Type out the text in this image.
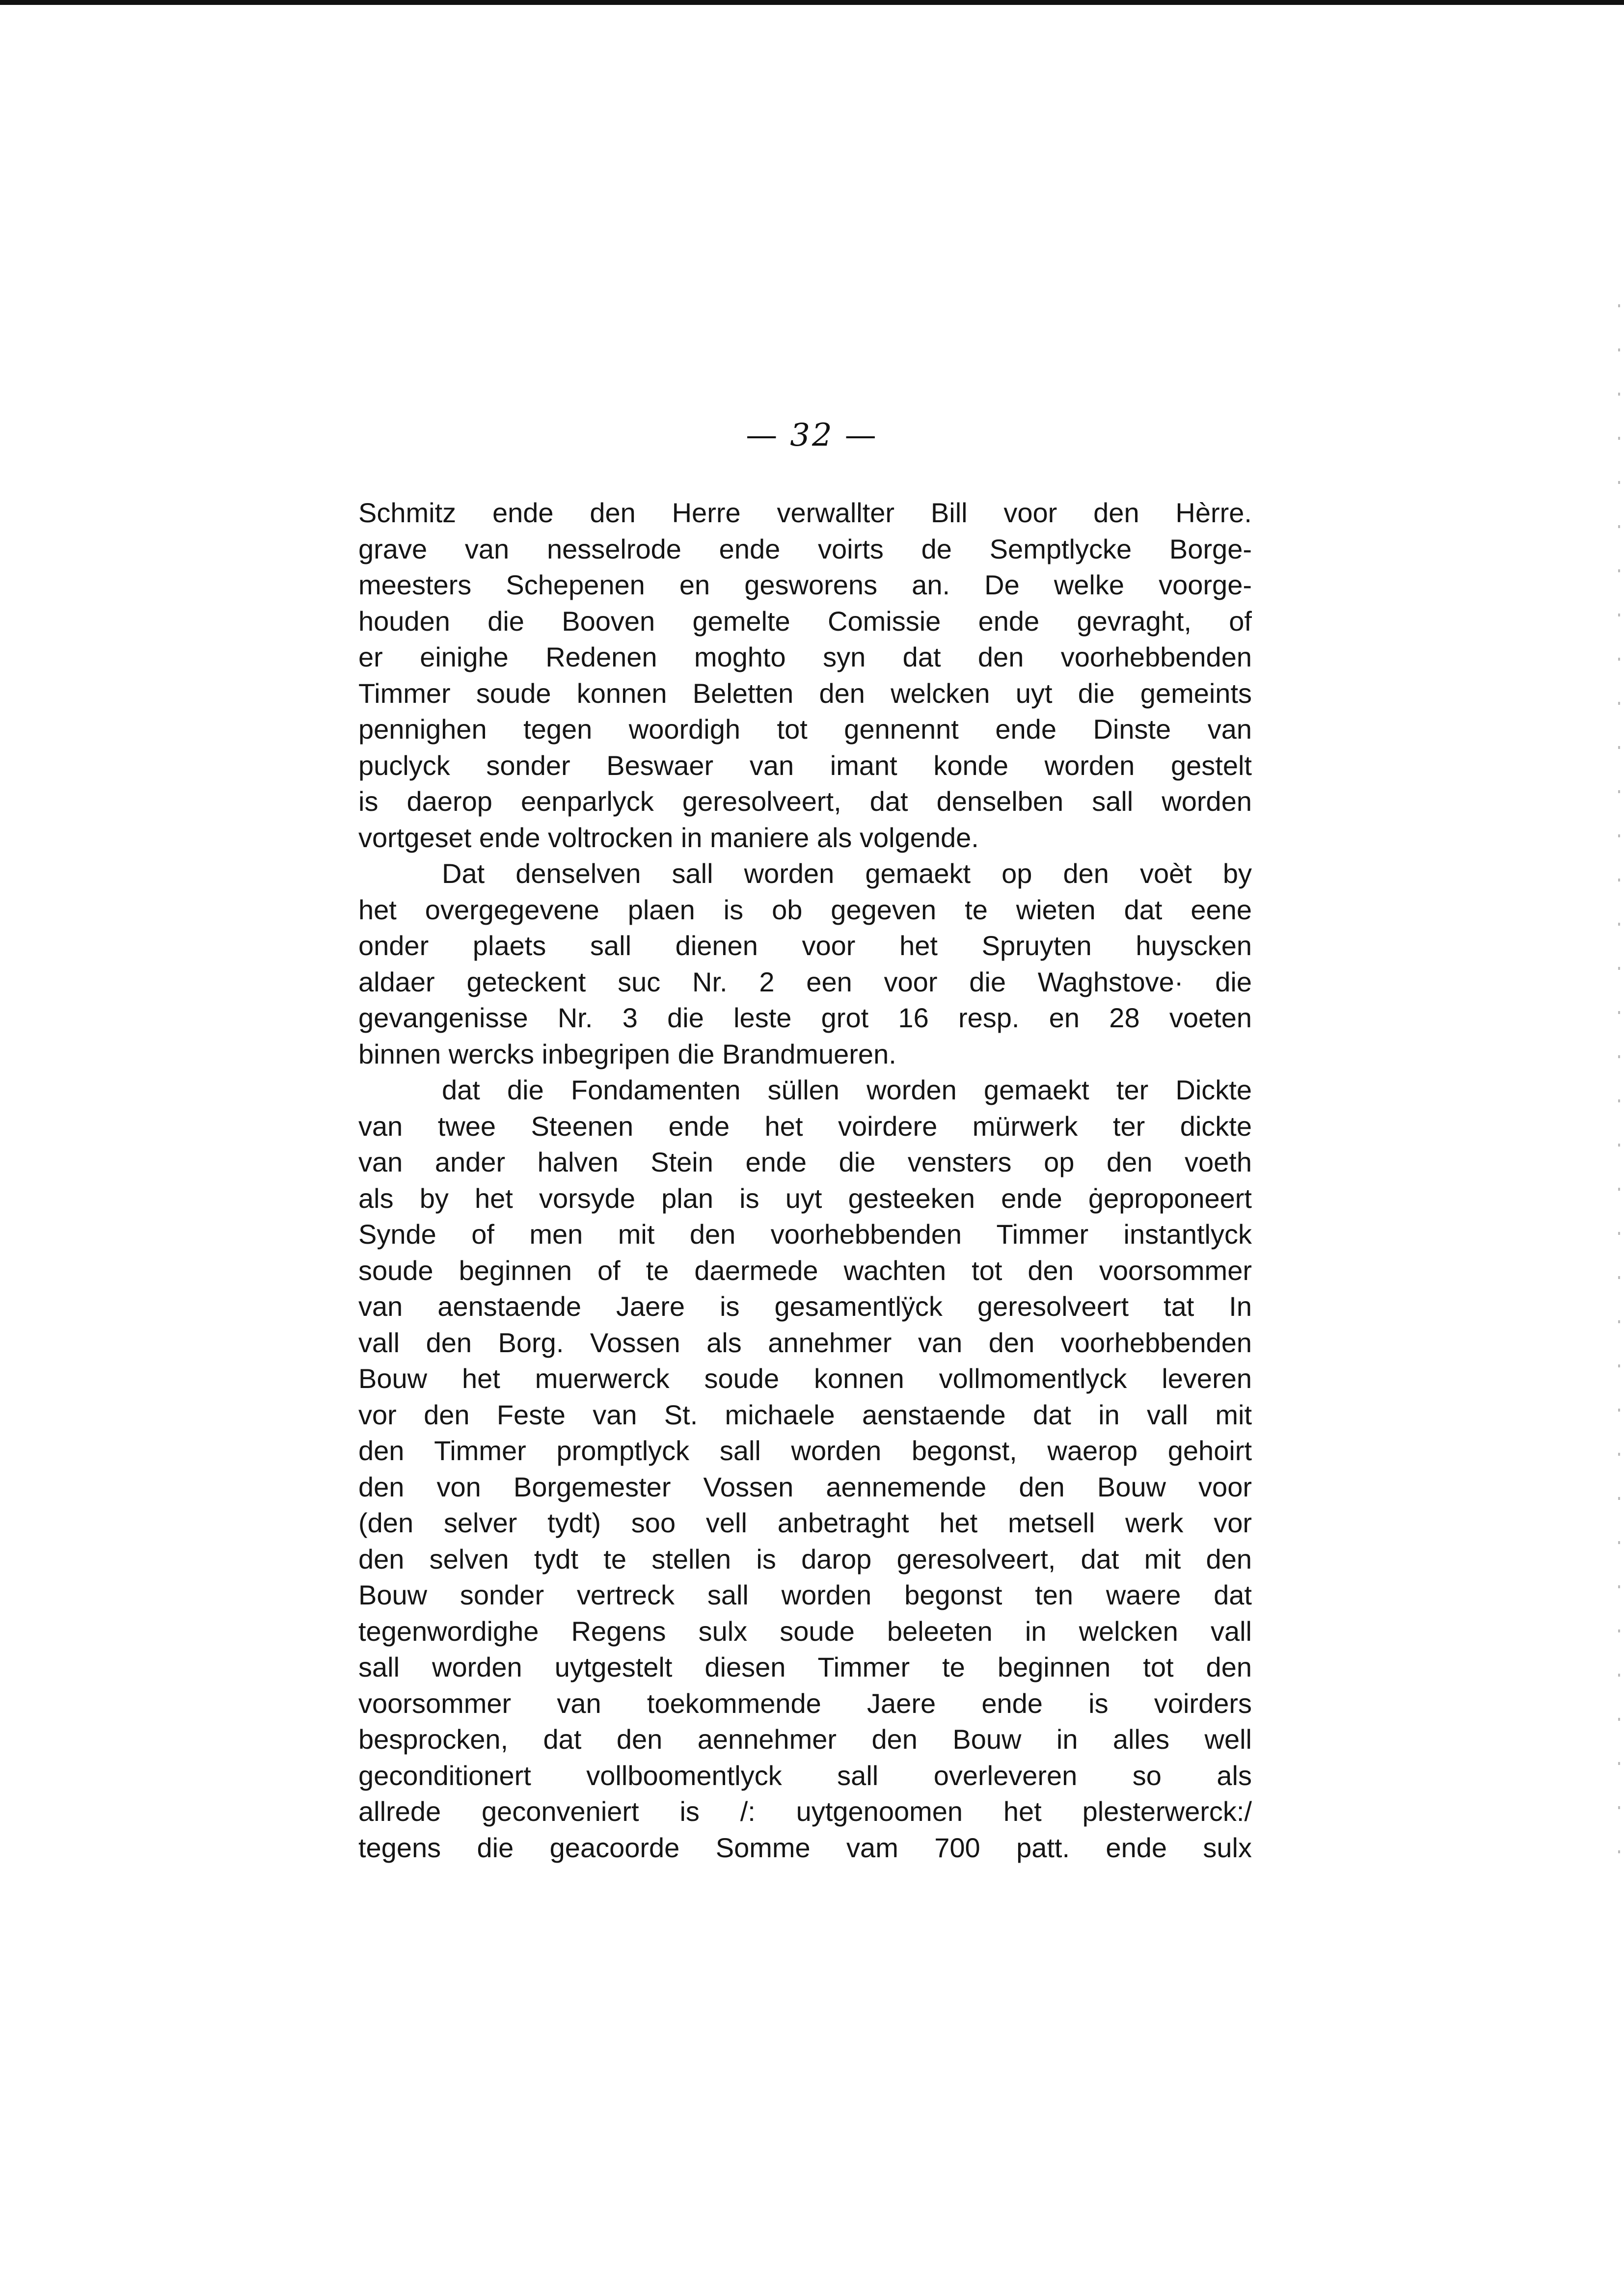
— 32 —
Schmitz ende den Herre verwallter Bill voor den Hèrre.
grave van nesselrode ende voirts de Semptlycke Borge-
meesters Schepenen en gesworens an. De welke voorge-
houden die Booven gemelte Comissie ende gevraght, of
er einighe Redenen moghto syn dat den voorhebbenden
Timmer soude konnen Beletten den welcken uyt die gemeints
pennighen tegen woordigh tot gennennt ende Dinste van
puclyck sonder Beswaer van imant konde worden gestelt
is daerop eenparlyck geresolveert, dat denselben sall worden
vortgeset ende voltrocken in maniere als volgende.
Dat denselven sall worden gemaekt op den voèt by
het overgegevene plaen is ob gegeven te wieten dat eene
onder plaets sall dienen voor het Spruyten huyscken
aldaer geteckent suc Nr. 2 een voor die Waghstove· die
gevangenisse Nr. 3 die leste grot 16 resp. en 28 voeten
binnen wercks inbegripen die Brandmueren.
dat die Fondamenten süllen worden gemaekt ter Dickte
van twee Steenen ende het voirdere mürwerk ter dickte
van ander halven Stein ende die vensters op den voeth
als by het vorsyde plan is uyt gesteeken ende ġeproponeert
Synde of men mit den voorhebbenden Timmer instantlyck
soude beginnen of te daermede wachten tot den voorsommer
van aenstaende Jaere is gesamentlÿck geresolveert tat In
vall den Borg. Vossen als annehmer van den voorhebbenden
Bouw het muerwerck soude konnen vollmomentlyck leveren
vor den Feste van St. michaele aenstaende dat in vall mit
den Timmer promptlyck sall worden begonst, waerop gehoirt
den von Borgemester Vossen aennemende den Bouw voor
(den selver tydt) soo vell anbetraght het metsell werk vor
den selven tydt te stellen is darop geresolveert, dat mit den
Bouw sonder vertreck sall worden begonst ten waere dat
tegenwordighe Regens sulx soude beleeten in welcken vall
sall worden uytgestelt diesen Timmer te beginnen tot den
voorsommer van toekommende Jaere ende is voirders
besprocken, dat den aennehmer den Bouw in alles well
geconditionert vollboomentlyck sall overleveren so als
allrede geconveniert is /: uytgenoomen het plesterwerck:/
tegens die geacoorde Somme vam 700 patt. ende sulx
